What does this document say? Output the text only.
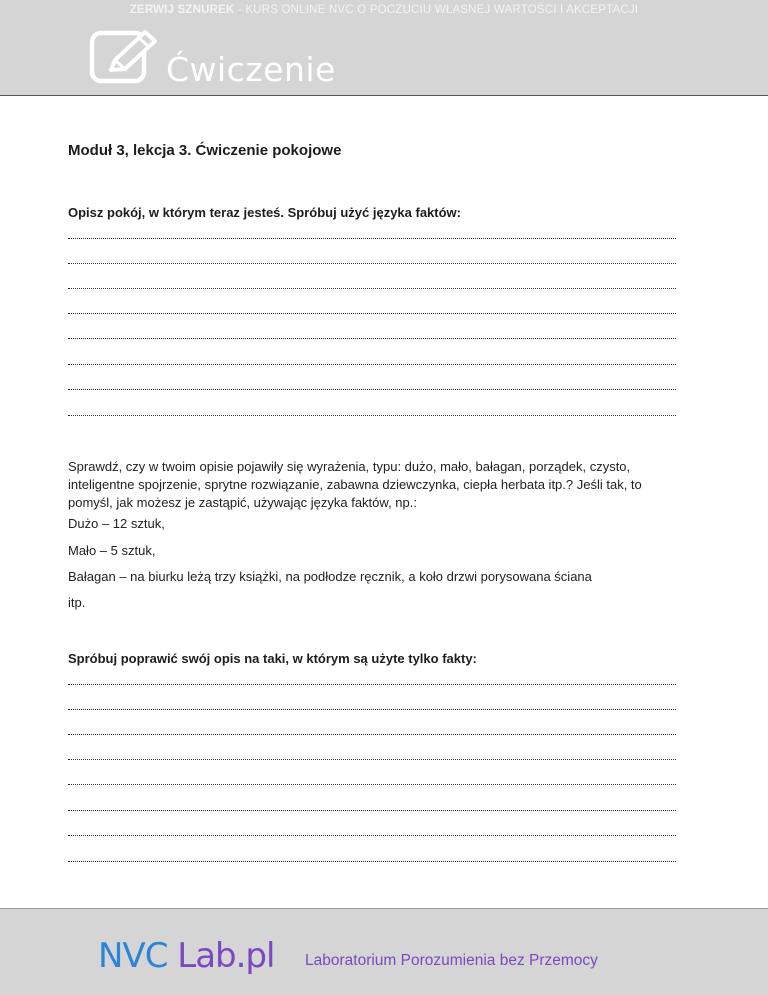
ZERWIJ SZNUREK - KURS ONLINE NVC O POCZUCIU WŁASNEJ WARTOŚCI I AKCEPTACJI
Ćwiczenie
Moduł 3, lekcja 3. Ćwiczenie pokojowe
Opisz pokój, w którym teraz jesteś. Spróbuj użyć języka faktów:
Sprawdź, czy w twoim opisie pojawiły się wyrażenia, typu: dużo, mało, bałagan, porządek, czysto, inteligentne spojrzenie, sprytne rozwiązanie, zabawna dziewczynka, ciepła herbata itp.? Jeśli tak, to pomyśl, jak możesz je zastąpić, używając języka faktów, np.:
Dużo – 12 sztuk,
Mało – 5 sztuk,
Bałagan – na biurku leżą trzy książki, na podłodze ręcznik, a koło drzwi porysowana ściana
itp.
Spróbuj poprawić swój opis na taki, w którym są użyte tylko fakty:
NVC Lab.pl Laboratorium Porozumienia bez Przemocy
